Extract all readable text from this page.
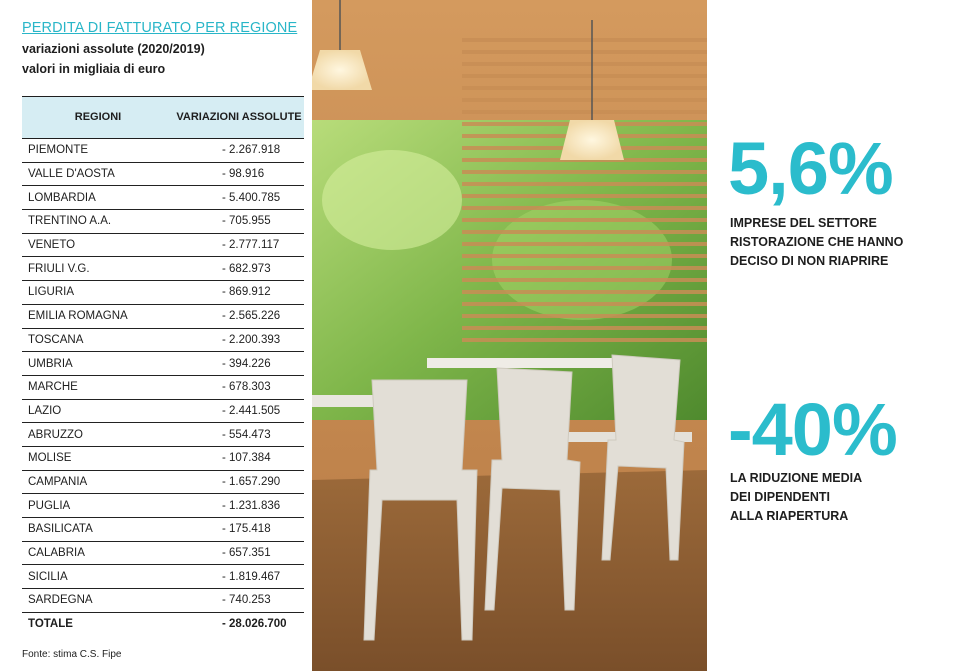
PERDITA DI FATTURATO PER REGIONE
variazioni assolute (2020/2019)
valori in migliaia di euro
REGIONI	VARIAZIONI ASSOLUTE
PIEMONTE	- 2.267.918
VALLE D'AOSTA	- 98.916
LOMBARDIA	- 5.400.785
TRENTINO A.A.	- 705.955
VENETO	- 2.777.117
FRIULI V.G.	- 682.973
LIGURIA	- 869.912
EMILIA ROMAGNA	- 2.565.226
TOSCANA	- 2.200.393
UMBRIA	- 394.226
MARCHE	- 678.303
LAZIO	- 2.441.505
ABRUZZO	- 554.473
MOLISE	- 107.384
CAMPANIA	- 1.657.290
PUGLIA	- 1.231.836
BASILICATA	- 175.418
CALABRIA	- 657.351
SICILIA	- 1.819.467
SARDEGNA	- 740.253
TOTALE	- 28.026.700
Fonte: stima C.S. Fipe
5,6%
IMPRESE DEL SETTORE
RISTORAZIONE CHE HANNO
DECISO DI NON RIAPRIRE
-40%
LA RIDUZIONE MEDIA
DEI DIPENDENTI
ALLA RIAPERTURA
